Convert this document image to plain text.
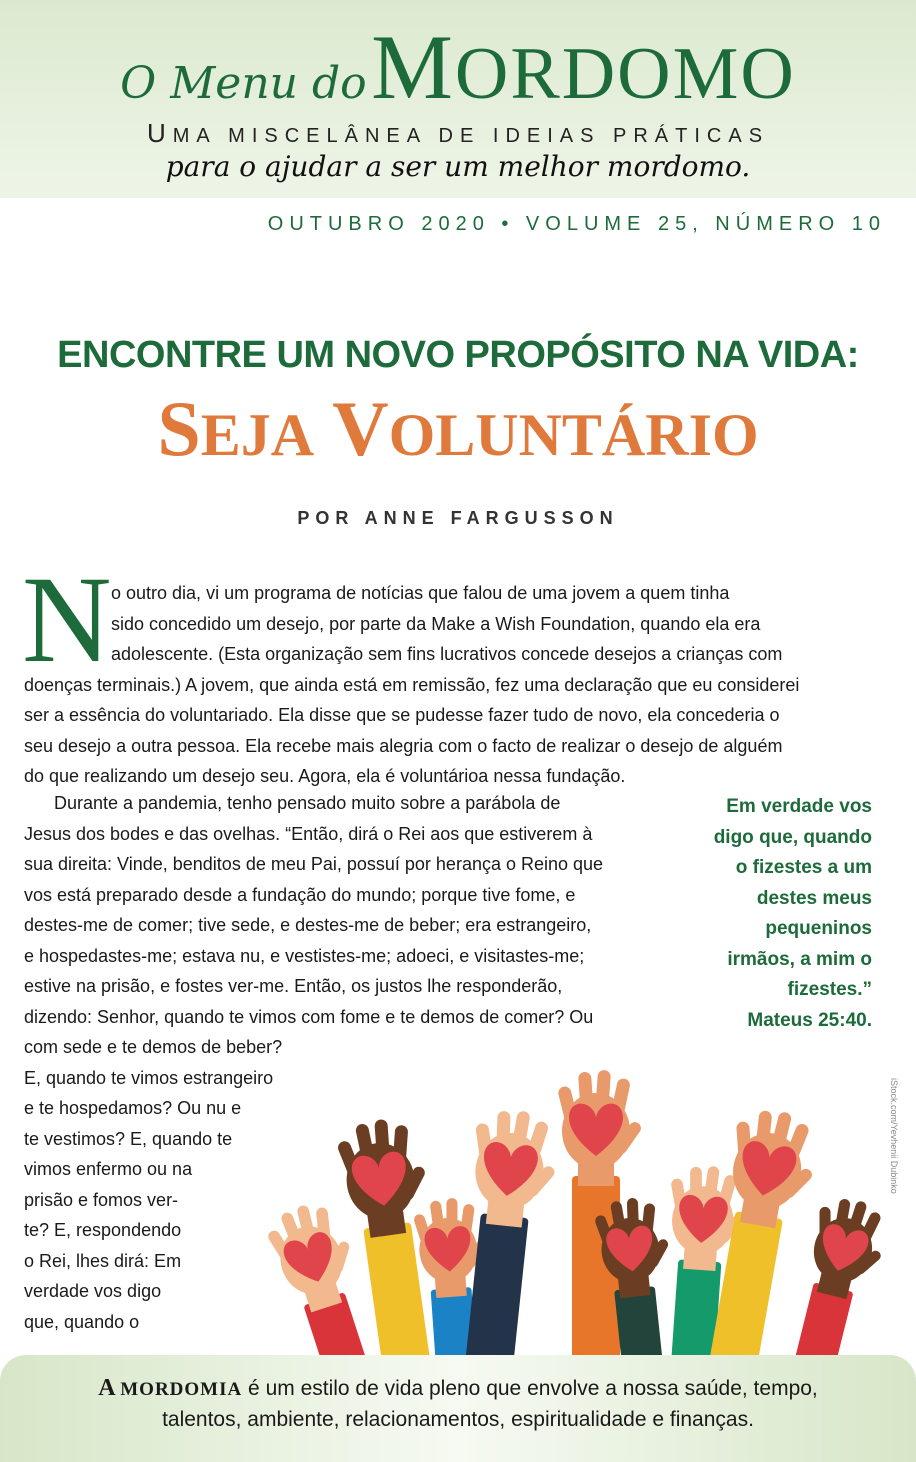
O Menu do MORDOMO
UMA MISCELÂNEA DE IDEIAS PRÁTICAS
para o ajudar a ser um melhor mordomo.
OUTUBRO 2020 • VOLUME 25, NÚMERO 10
ENCONTRE UM NOVO PROPÓSITO NA VIDA:
SEJA VOLUNTÁRIO
POR ANNE FARGUSSON
N o outro dia, vi um programa de notícias que falou de uma jovem a quem tinha
sido concedido um desejo, por parte da Make a Wish Foundation, quando ela era
adolescente. (Esta organização sem fins lucrativos concede desejos a crianças com
doenças terminais.) A jovem, que ainda está em remissão, fez uma declaração que eu considerei
ser a essência do voluntariado. Ela disse que se pudesse fazer tudo de novo, ela concederia o
seu desejo a outra pessoa. Ela recebe mais alegria com o facto de realizar o desejo de alguém
do que realizando um desejo seu. Agora, ela é voluntárioa nessa fundação.
Durante a pandemia, tenho pensado muito sobre a parábola de
Jesus dos bodes e das ovelhas. “Então, dirá o Rei aos que estiverem à
sua direita: Vinde, benditos de meu Pai, possuí por herança o Reino que
vos está preparado desde a fundação do mundo; porque tive fome, e
destes-me de comer; tive sede, e destes-me de beber; era estrangeiro,
e hospedastes-me; estava nu, e vestistes-me; adoeci, e visitastes-me;
estive na prisão, e fostes ver-me. Então, os justos lhe responderão,
dizendo: Senhor, quando te vimos com fome e te demos de comer? Ou
com sede e te demos de beber?
E, quando te vimos estrangeiro
e te hospedamos? Ou nu e
te vestimos? E, quando te
vimos enfermo ou na
prisão e fomos ver-
te? E, respondendo
o Rei, lhes dirá: Em
verdade vos digo
que, quando o
Em verdade vos
digo que, quando
o fizestes a um
destes meus
pequeninos
irmãos, a mim o
fizestes.”
Mateus 25:40.
iStock.com/Yevhenii Dubinko
A MORDOMIA é um estilo de vida pleno que envolve a nossa saúde, tempo,
talentos, ambiente, relacionamentos, espiritualidade e finanças.
